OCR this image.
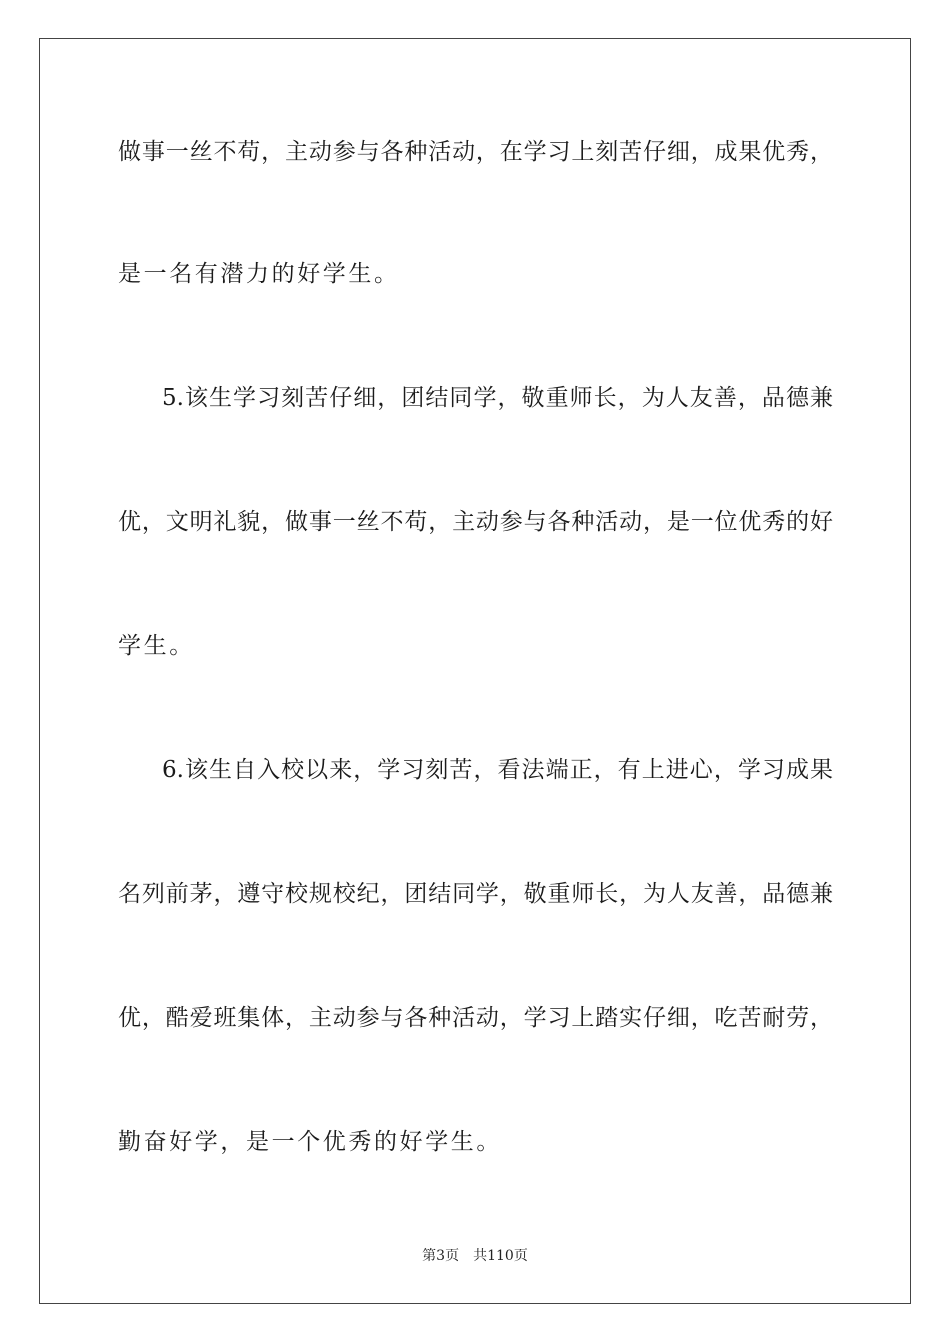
做事一丝不苟，主动参与各种活动，在学习上刻苦仔细，成果优秀，
是一名有潜力的好学生。
5.该生学习刻苦仔细，团结同学，敬重师长，为人友善，品德兼
优，文明礼貌，做事一丝不苟，主动参与各种活动，是一位优秀的好
学生。
6.该生自入校以来，学习刻苦，看法端正，有上进心，学习成果
名列前茅，遵守校规校纪，团结同学，敬重师长，为人友善，品德兼
优，酷爱班集体，主动参与各种活动，学习上踏实仔细，吃苦耐劳，
勤奋好学，是一个优秀的好学生。
第3页 共110页
